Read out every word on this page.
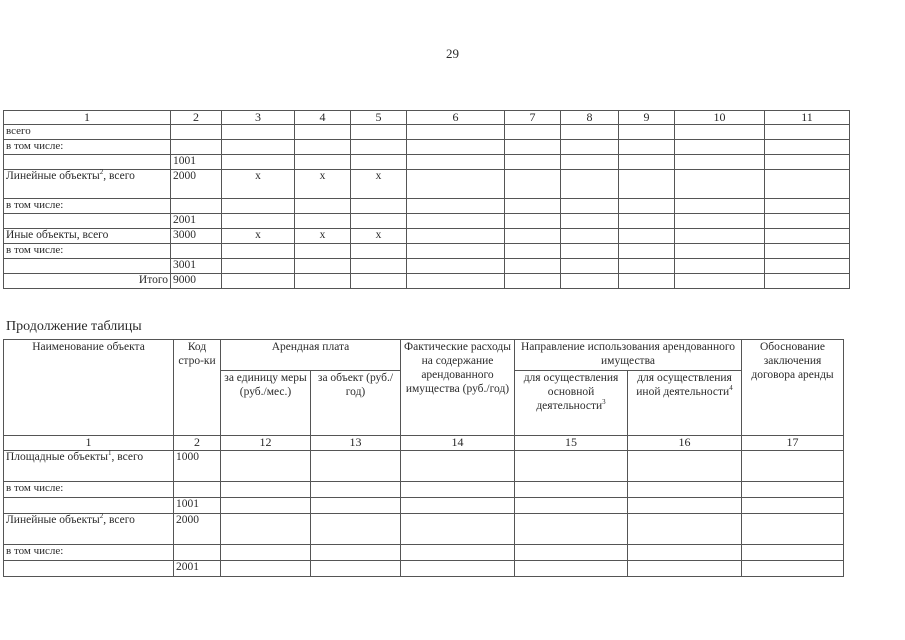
29
1	2	3	4	5	6	7	8	9	10	11
всего										
в том числе:										
	1001									
Линейные объекты$^2$, всего	2000	x	x	x						
в том числе:										
	2001									
Иные объекты, всего	3000	x	x	x						
в том числе:										
	3001									
Итого	9000									
Продолжение таблицы
Наименование объекта	Код стро-ки	Арендная плата		Фактические расходы на содержание арендованного имущества (руб./год)	Направление использования арендованного имущества		Обоснование заключения договора аренды
		за единицу меры (руб./мес.)	за объект (руб./год)		для осуществления основной деятельности$^3$	для осуществления иной деятельности$^4$
1	2	12	13	14	15	16	17
Площадные объекты$^1$, всего	1000						
в том числе:							
	1001						
Линейные объекты$^2$, всего	2000						
в том числе:							
	2001						
